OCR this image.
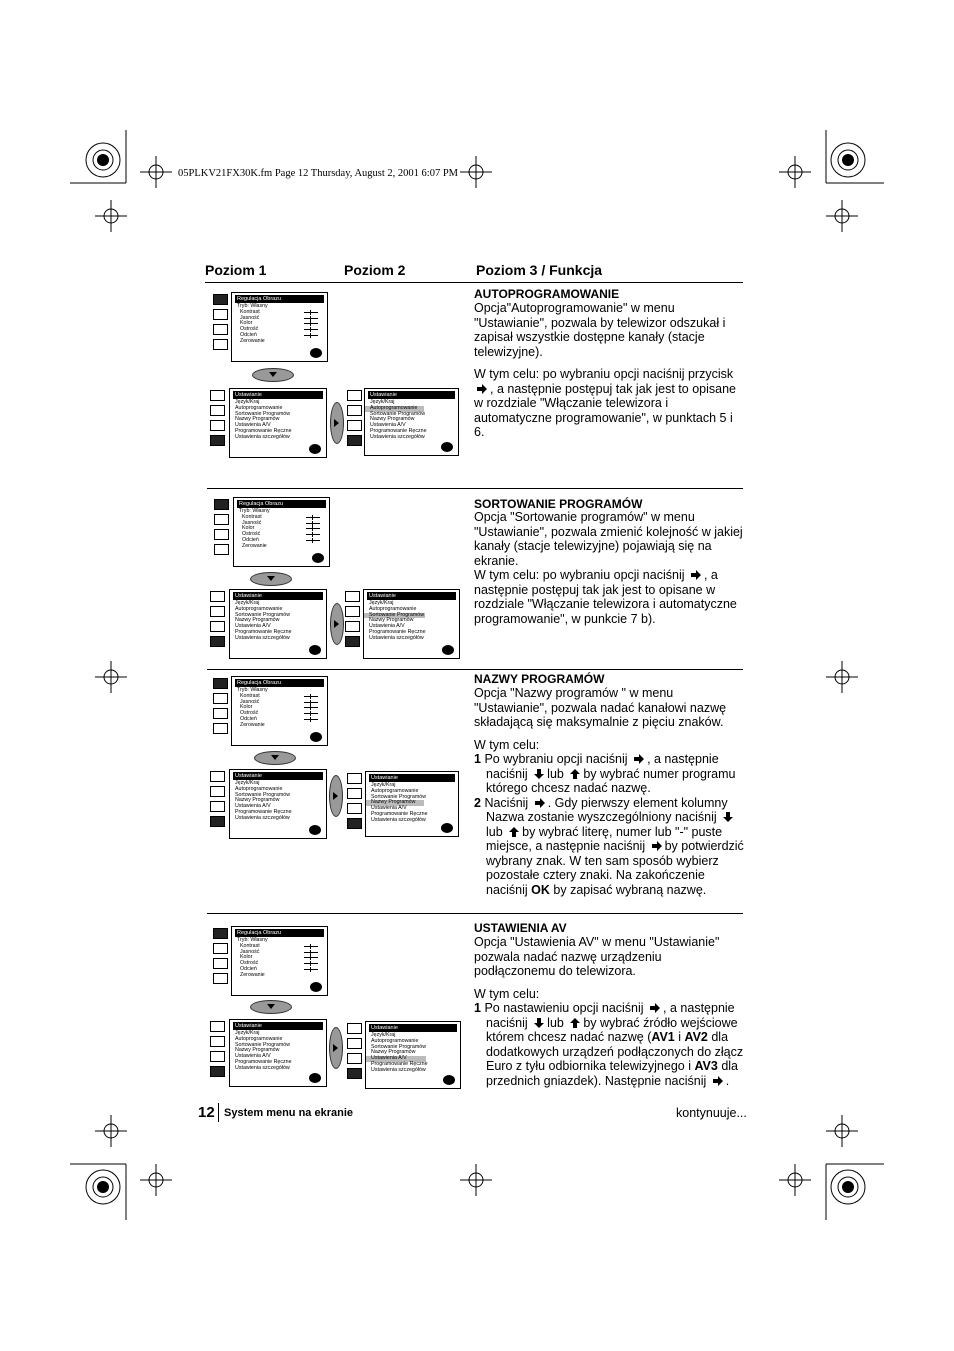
05PLKV21FX30K.fm Page 12 Thursday, August 2, 2001 6:07 PM
Poziom 1	Poziom 2	Poziom 3 / Funkcja
Regulacja Obrazu
Tryb: Własny
Kontrast
Jasność
Kolor
Ostrość
Odcień
Zerowanie
Ustawianie
Język/Kraj
Autoprogramowanie
Sortowanie Programów
Nazwy Programów
Ustawienia A/V
Programowanie Ręczne
Ustawienia szczegółów
Ustawianie
Język/Kraj
Autoprogramowanie
Sortowanie Programów
Nazwy Programów
Ustawienia A/V
Programowanie Ręczne
Ustawienia szczegółów
Regulacja Obrazu
Tryb: Własny
Kontrast
Jasność
Kolor
Ostrość
Odcień
Zerowanie
Ustawianie
Język/Kraj
Autoprogramowanie
Sortowanie Programów
Nazwy Programów
Ustawienia A/V
Programowanie Ręczne
Ustawienia szczegółów
Ustawianie
Język/Kraj
Autoprogramowanie
Sortowanie Programów
Nazwy Programów
Ustawienia A/V
Programowanie Ręczne
Ustawienia szczegółów
Regulacja Obrazu
Tryb: Własny
Kontrast
Jasność
Kolor
Ostrość
Odcień
Zerowanie
Ustawianie
Język/Kraj
Autoprogramowanie
Sortowanie Programów
Nazwy Programów
Ustawienia A/V
Programowanie Ręczne
Ustawienia szczegółów
Ustawianie
Język/Kraj
Autoprogramowanie
Sortowanie Programów
Nazwy Programów
Ustawienia A/V
Programowanie Ręczne
Ustawienia szczegółów
Regulacja Obrazu
Tryb: Własny
Kontrast
Jasność
Kolor
Ostrość
Odcień
Zerowanie
Ustawianie
Język/Kraj
Autoprogramowanie
Sortowanie Programów
Nazwy Programów
Ustawienia A/V
Programowanie Ręczne
Ustawienia szczegółów
Ustawianie
Język/Kraj
Autoprogramowanie
Sortowanie Programów
Nazwy Programów
Ustawienia A/V
Programowanie Ręczne
Ustawienia szczegółów
AUTOPROGRAMOWANIE

Opcja"Autoprogramowanie" w menu "Ustawianie", pozwala by telewizor odszukał i zapisał wszystkie dostępne kanały (stacje telewizyjne).

W tym celu: po wybraniu opcji naciśnij przycisk
, a następnie postępuj tak jak jest to opisane w rozdziale "Włączanie telewizora i automatyczne programowanie", w punktach 5 i 6.

SORTOWANIE PROGRAMÓW

Opcja "Sortowanie programów" w menu "Ustawianie", pozwala zmienić kolejność w jakiej kanały (stacje telewizyjne) pojawiają się na ekranie.

W tym celu: po wybraniu opcji naciśnij , a następnie postępuj tak jak jest to opisane w rozdziale "Włączanie telewizora i automatyczne programowanie", w punkcie 7 b).

NAZWY PROGRAMÓW

Opcja "Nazwy programów " w menu "Ustawianie", pozwala nadać kanałowi nazwę składającą się maksymalnie z pięciu znaków.

W tym celu:

1 Po wybraniu opcji naciśnij , a następnie naciśnij lub by wybrać numer programu którego chcesz nadać nazwę.

2 Naciśnij . Gdy pierwszy element kolumny Nazwa zostanie wyszczególniony naciśnij lub by wybrać literę, numer lub "-" puste miejsce, a następnie naciśnij by potwierdzić wybrany znak. W ten sam sposób wybierz pozostałe cztery znaki. Na zakończenie naciśnij OK by zapisać wybraną nazwę.

USTAWIENIA AV

Opcja "Ustawienia AV" w menu "Ustawianie" pozwala nadać nazwę urządzeniu podłączonemu do telewizora.

W tym celu:

1 Po nastawieniu opcji naciśnij , a następnie naciśnij lub by wybrać źródło wejściowe którem chcesz nadać nazwę (AV1 i AV2 dla dodatkowych urządzeń podłączonych do złącz Euro z tyłu odbiornika telewizyjnego i AV3 dla przednich gniazdek). Następnie naciśnij .

12 System menu na ekranie	kontynuuje...
